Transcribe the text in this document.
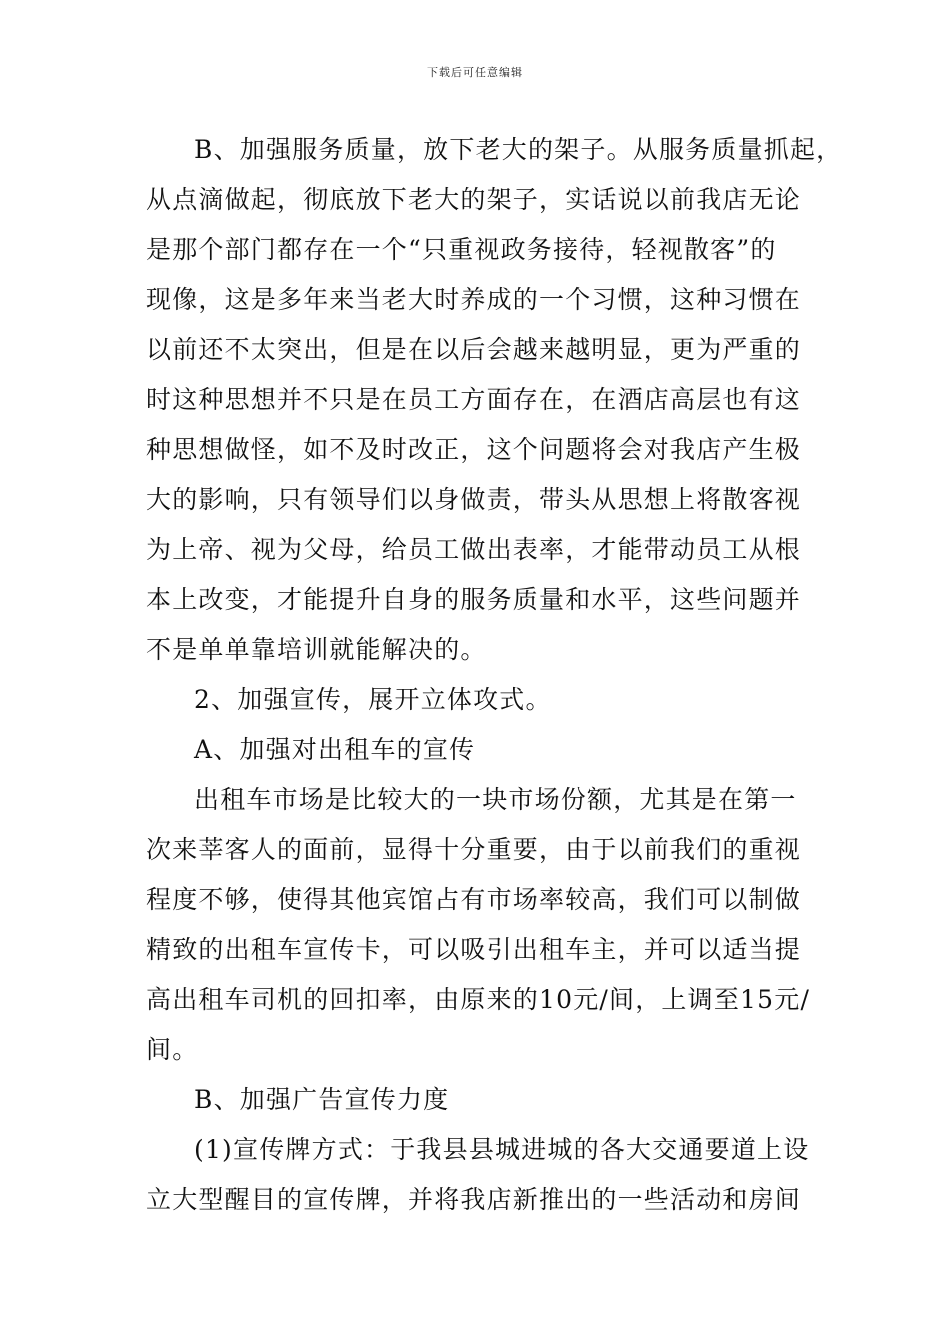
下载后可任意编辑
B、加强服务质量，放下老大的架子。从服务质量抓起，
从点滴做起，彻底放下老大的架子，实话说以前我店无论
是那个部门都存在一个“只重视政务接待，轻视散客”的
现像，这是多年来当老大时养成的一个习惯，这种习惯在
以前还不太突出，但是在以后会越来越明显，更为严重的
时这种思想并不只是在员工方面存在，在酒店高层也有这
种思想做怪，如不及时改正，这个问题将会对我店产生极
大的影响，只有领导们以身做责，带头从思想上将散客视
为上帝、视为父母，给员工做出表率，才能带动员工从根
本上改变，才能提升自身的服务质量和水平，这些问题并
不是单单靠培训就能解决的。
2、加强宣传，展开立体攻式。
A、加强对出租车的宣传
出租车市场是比较大的一块市场份额，尤其是在第一
次来莘客人的面前，显得十分重要，由于以前我们的重视
程度不够，使得其他宾馆占有市场率较高，我们可以制做
精致的出租车宣传卡，可以吸引出租车主，并可以适当提
高出租车司机的回扣率，由原来的10元/间，上调至15元/
间。
B、加强广告宣传力度
(1)宣传牌方式：于我县县城进城的各大交通要道上设
立大型醒目的宣传牌，并将我店新推出的一些活动和房间
